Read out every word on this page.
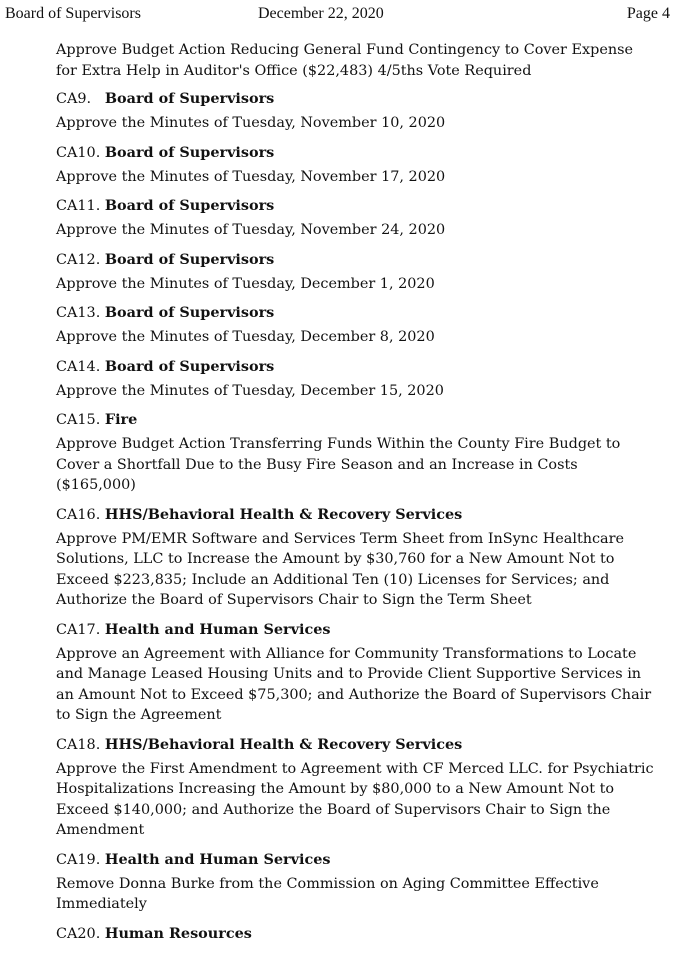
Board of Supervisors	December 22, 2020	Page 4

Approve Budget Action Reducing General Fund Contingency to Cover Expense for Extra Help in Auditor's Office ($22,483) 4/5ths Vote Required

CA9. Board of Supervisors

Approve the Minutes of Tuesday, November 10, 2020

CA10. Board of Supervisors

Approve the Minutes of Tuesday, November 17, 2020

CA11. Board of Supervisors

Approve the Minutes of Tuesday, November 24, 2020

CA12. Board of Supervisors

Approve the Minutes of Tuesday, December 1, 2020

CA13. Board of Supervisors

Approve the Minutes of Tuesday, December 8, 2020

CA14. Board of Supervisors

Approve the Minutes of Tuesday, December 15, 2020

CA15. Fire

Approve Budget Action Transferring Funds Within the County Fire Budget to Cover a Shortfall Due to the Busy Fire Season and an Increase in Costs ($165,000)

CA16. HHS/Behavioral Health & Recovery Services

Approve PM/EMR Software and Services Term Sheet from InSync Healthcare Solutions, LLC to Increase the Amount by $30,760 for a New Amount Not to Exceed $223,835; Include an Additional Ten (10) Licenses for Services; and Authorize the Board of Supervisors Chair to Sign the Term Sheet

CA17. Health and Human Services

Approve an Agreement with Alliance for Community Transformations to Locate and Manage Leased Housing Units and to Provide Client Supportive Services in an Amount Not to Exceed $75,300; and Authorize the Board of Supervisors Chair to Sign the Agreement

CA18. HHS/Behavioral Health & Recovery Services

Approve the First Amendment to Agreement with CF Merced LLC. for Psychiatric Hospitalizations Increasing the Amount by $80,000 to a New Amount Not to Exceed $140,000; and Authorize the Board of Supervisors Chair to Sign the Amendment

CA19. Health and Human Services

Remove Donna Burke from the Commission on Aging Committee Effective Immediately

CA20. Human Resources
